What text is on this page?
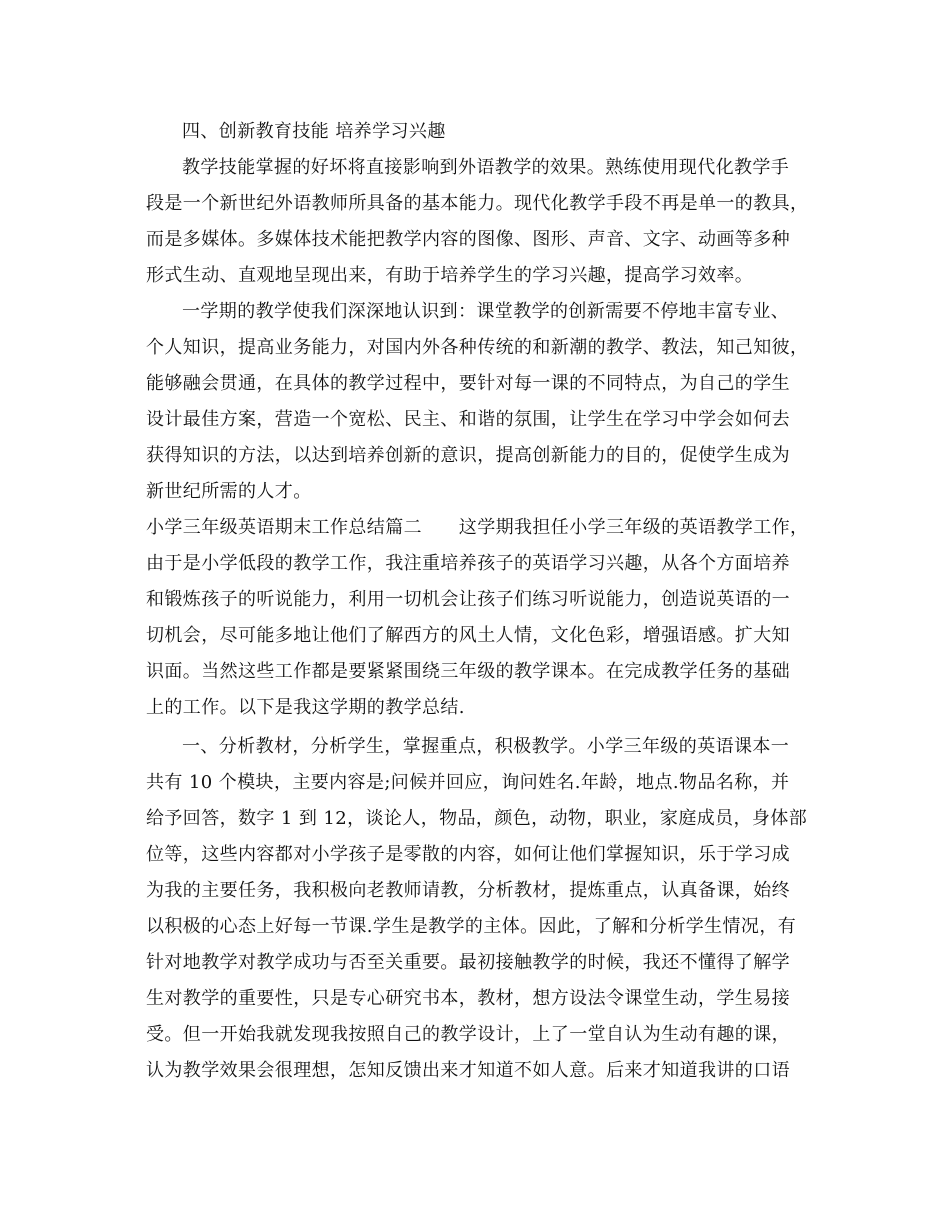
四、创新教育技能 培养学习兴趣
教学技能掌握的好坏将直接影响到外语教学的效果。熟练使用现代化教学手
段是一个新世纪外语教师所具备的基本能力。现代化教学手段不再是单一的教具，
而是多媒体。多媒体技术能把教学内容的图像、图形、声音、文字、动画等多种
形式生动、直观地呈现出来，有助于培养学生的学习兴趣，提高学习效率。
一学期的教学使我们深深地认识到：课堂教学的创新需要不停地丰富专业、
个人知识，提高业务能力，对国内外各种传统的和新潮的教学、教法，知己知彼，
能够融会贯通，在具体的教学过程中，要针对每一课的不同特点，为自己的学生
设计最佳方案，营造一个宽松、民主、和谐的氛围，让学生在学习中学会如何去
获得知识的方法，以达到培养创新的意识，提高创新能力的目的，促使学生成为
新世纪所需的人才。
小学三年级英语期末工作总结篇二　　这学期我担任小学三年级的英语教学工作，
由于是小学低段的教学工作，我注重培养孩子的英语学习兴趣，从各个方面培养
和锻炼孩子的听说能力，利用一切机会让孩子们练习听说能力，创造说英语的一
切机会，尽可能多地让他们了解西方的风土人情，文化色彩，增强语感。扩大知
识面。当然这些工作都是要紧紧围绕三年级的教学课本。在完成教学任务的基础
上的工作。以下是我这学期的教学总结.
一、分析教材，分析学生，掌握重点，积极教学。小学三年级的英语课本一
共有 10 个模块，主要内容是;问候并回应，询问姓名.年龄，地点.物品名称，并
给予回答，数字 1 到 12，谈论人，物品，颜色，动物，职业，家庭成员，身体部
位等，这些内容都对小学孩子是零散的内容，如何让他们掌握知识，乐于学习成
为我的主要任务，我积极向老教师请教，分析教材，提炼重点，认真备课，始终
以积极的心态上好每一节课.学生是教学的主体。因此，了解和分析学生情况，有
针对地教学对教学成功与否至关重要。最初接触教学的时候，我还不懂得了解学
生对教学的重要性，只是专心研究书本，教材，想方设法令课堂生动，学生易接
受。但一开始我就发现我按照自己的教学设计，上了一堂自认为生动有趣的课，
认为教学效果会很理想，怎知反馈出来才知道不如人意。后来才知道我讲的口语
